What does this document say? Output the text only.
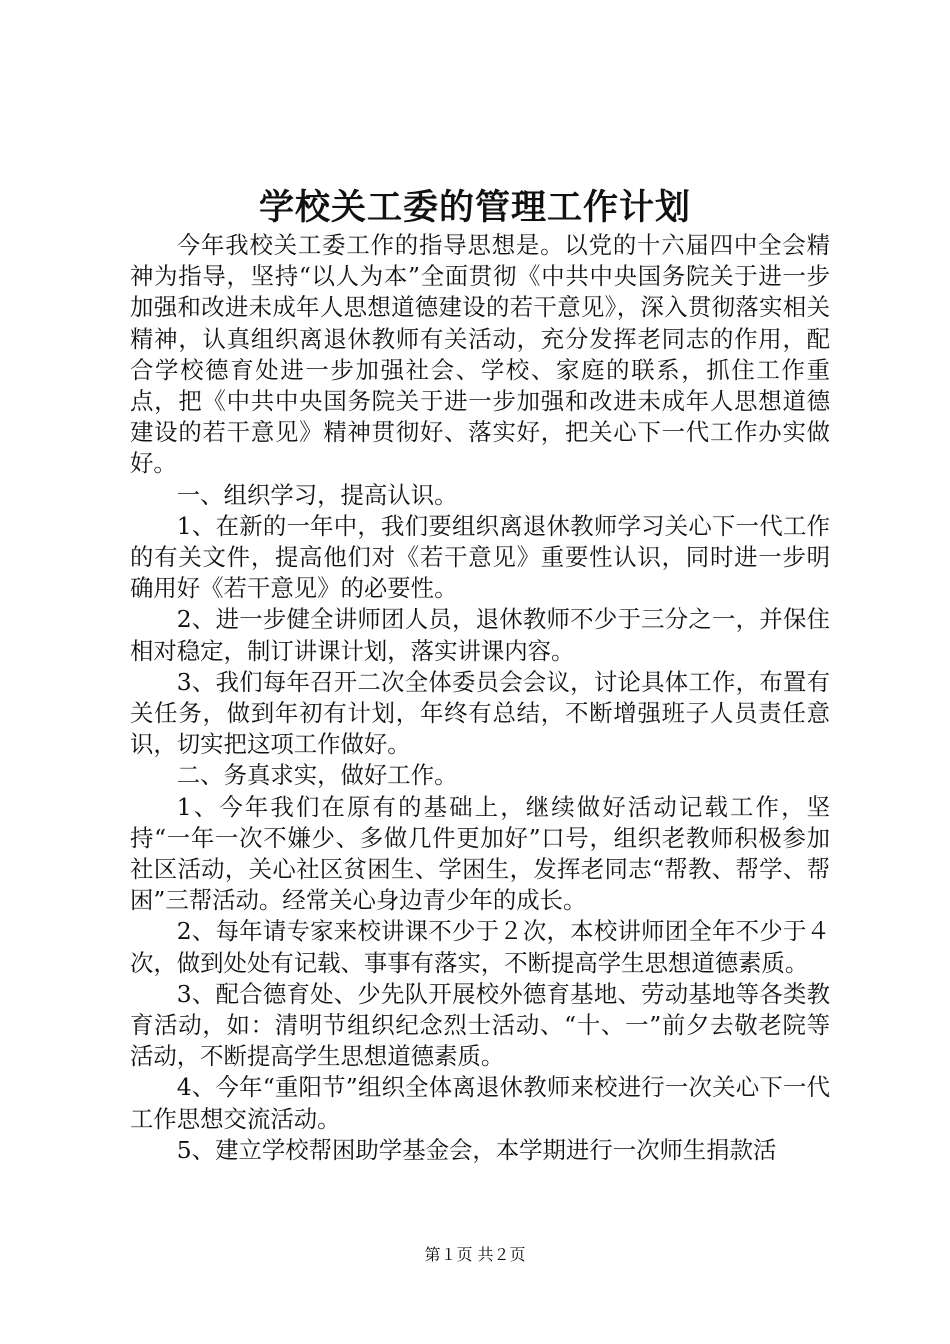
学校关工委的管理工作计划

今年我校关工委工作的指导思想是。以党的十六届四中全会精神为指导，坚持“以人为本”全面贯彻《中共中央国务院关于进一步加强和改进未成年人思想道德建设的若干意见》，深入贯彻落实相关精神，认真组织离退休教师有关活动，充分发挥老同志的作用，配合学校德育处进一步加强社会、学校、家庭的联系，抓住工作重点，把《中共中央国务院关于进一步加强和改进未成年人思想道德建设的若干意见》精神贯彻好、落实好，把关心下一代工作办实做好。

一、组织学习，提高认识。

1、在新的一年中，我们要组织离退休教师学习关心下一代工作的有关文件，提高他们对《若干意见》重要性认识，同时进一步明确用好《若干意见》的必要性。

2、进一步健全讲师团人员，退休教师不少于三分之一，并保住相对稳定，制订讲课计划，落实讲课内容。

3、我们每年召开二次全体委员会会议，讨论具体工作，布置有关任务，做到年初有计划，年终有总结，不断增强班子人员责任意识，切实把这项工作做好。

二、务真求实，做好工作。

1、今年我们在原有的基础上，继续做好活动记载工作，坚持“一年一次不嫌少、多做几件更加好”口号，组织老教师积极参加社区活动，关心社区贫困生、学困生，发挥老同志“帮教、帮学、帮困”三帮活动。经常关心身边青少年的成长。

2、每年请专家来校讲课不少于２次，本校讲师团全年不少于４次，做到处处有记载、事事有落实，不断提高学生思想道德素质。

3、配合德育处、少先队开展校外德育基地、劳动基地等各类教育活动，如：清明节组织纪念烈士活动、“十、一”前夕去敬老院等活动，不断提高学生思想道德素质。

4、今年“重阳节”组织全体离退休教师来校进行一次关心下一代工作思想交流活动。

5、建立学校帮困助学基金会，本学期进行一次师生捐款活

第１页 共２页
